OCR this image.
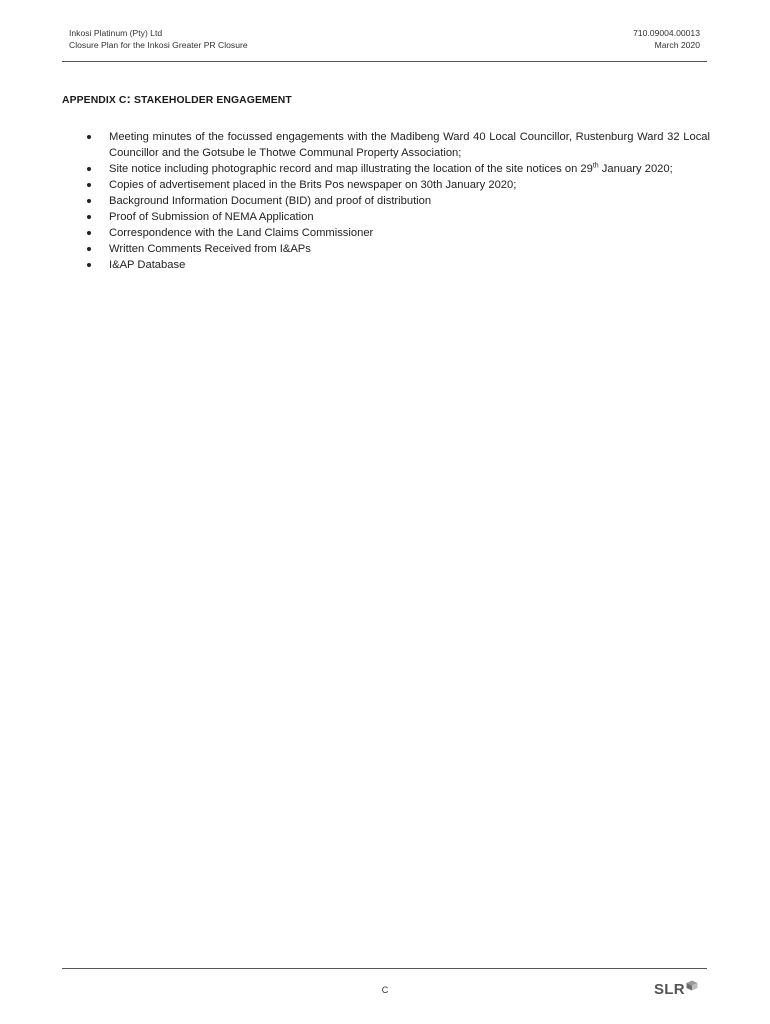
Inkosi Platinum (Pty) Ltd
Closure Plan for the Inkosi Greater PR Closure
710.09004.00013
March 2020
APPENDIX C: STAKEHOLDER ENGAGEMENT
Meeting minutes of the focussed engagements with the Madibeng Ward 40 Local Councillor, Rustenburg Ward 32 Local Councillor and the Gotsube le Thotwe Communal Property Association;
Site notice including photographic record and map illustrating the location of the site notices on 29th January 2020;
Copies of advertisement placed in the Brits Pos newspaper on 30th January 2020;
Background Information Document (BID) and proof of distribution
Proof of Submission of NEMA Application
Correspondence with the Land Claims Commissioner
Written Comments Received from I&APs
I&AP Database
C	SLR
